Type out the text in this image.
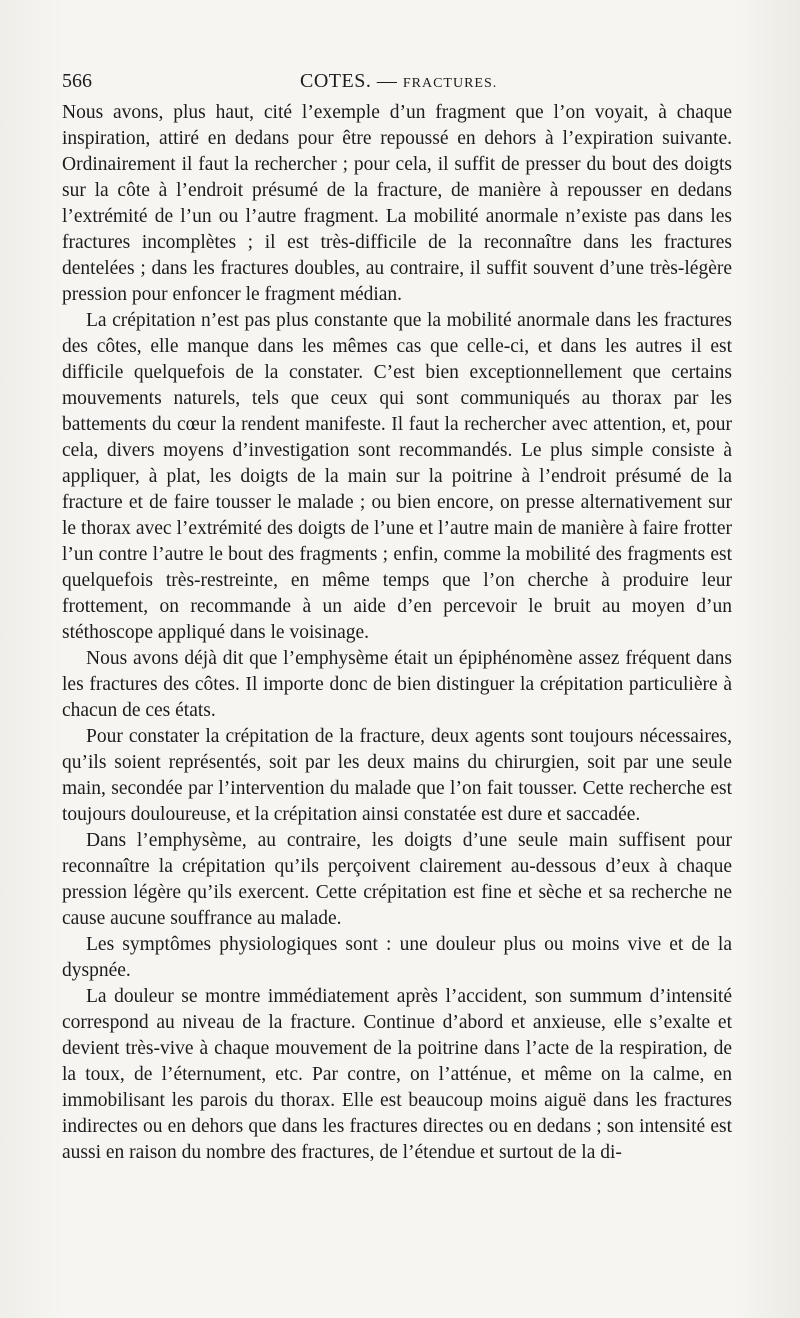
566	COTES. — FRACTURES.

Nous avons, plus haut, cité l’exemple d’un fragment que l’on voyait, à chaque inspiration, attiré en dedans pour être repoussé en dehors à l’expiration suivante. Ordinairement il faut la rechercher ; pour cela, il suffit de presser du bout des doigts sur la côte à l’endroit présumé de la fracture, de manière à repousser en dedans l’extrémité de l’un ou l’autre fragment. La mobilité anormale n’existe pas dans les fractures incomplètes ; il est très-difficile de la reconnaître dans les fractures dentelées ; dans les fractures doubles, au contraire, il suffit souvent d’une très-légère pression pour enfoncer le fragment médian.

La crépitation n’est pas plus constante que la mobilité anormale dans les fractures des côtes, elle manque dans les mêmes cas que celle-ci, et dans les autres il est difficile quelquefois de la constater. C’est bien exceptionnellement que certains mouvements naturels, tels que ceux qui sont communiqués au thorax par les battements du cœur la rendent manifeste. Il faut la rechercher avec attention, et, pour cela, divers moyens d’investigation sont recommandés. Le plus simple consiste à appliquer, à plat, les doigts de la main sur la poitrine à l’endroit présumé de la fracture et de faire tousser le malade ; ou bien encore, on presse alternativement sur le thorax avec l’extrémité des doigts de l’une et l’autre main de manière à faire frotter l’un contre l’autre le bout des fragments ; enfin, comme la mobilité des fragments est quelquefois très-restreinte, en même temps que l’on cherche à produire leur frottement, on recommande à un aide d’en percevoir le bruit au moyen d’un stéthoscope appliqué dans le voisinage.

Nous avons déjà dit que l’emphysème était un épiphénomène assez fréquent dans les fractures des côtes. Il importe donc de bien distinguer la crépitation particulière à chacun de ces états.

Pour constater la crépitation de la fracture, deux agents sont toujours nécessaires, qu’ils soient représentés, soit par les deux mains du chirurgien, soit par une seule main, secondée par l’intervention du malade que l’on fait tousser. Cette recherche est toujours douloureuse, et la crépitation ainsi constatée est dure et saccadée.

Dans l’emphysème, au contraire, les doigts d’une seule main suffisent pour reconnaître la crépitation qu’ils perçoivent clairement au-dessous d’eux à chaque pression légère qu’ils exercent. Cette crépitation est fine et sèche et sa recherche ne cause aucune souffrance au malade.

Les symptômes physiologiques sont : une douleur plus ou moins vive et de la dyspnée.

La douleur se montre immédiatement après l’accident, son summum d’intensité correspond au niveau de la fracture. Continue d’abord et anxieuse, elle s’exalte et devient très-vive à chaque mouvement de la poitrine dans l’acte de la respiration, de la toux, de l’éternument, etc. Par contre, on l’atténue, et même on la calme, en immobilisant les parois du thorax. Elle est beaucoup moins aiguë dans les fractures indirectes ou en dehors que dans les fractures directes ou en dedans ; son intensité est aussi en raison du nombre des fractures, de l’étendue et surtout de la di-
